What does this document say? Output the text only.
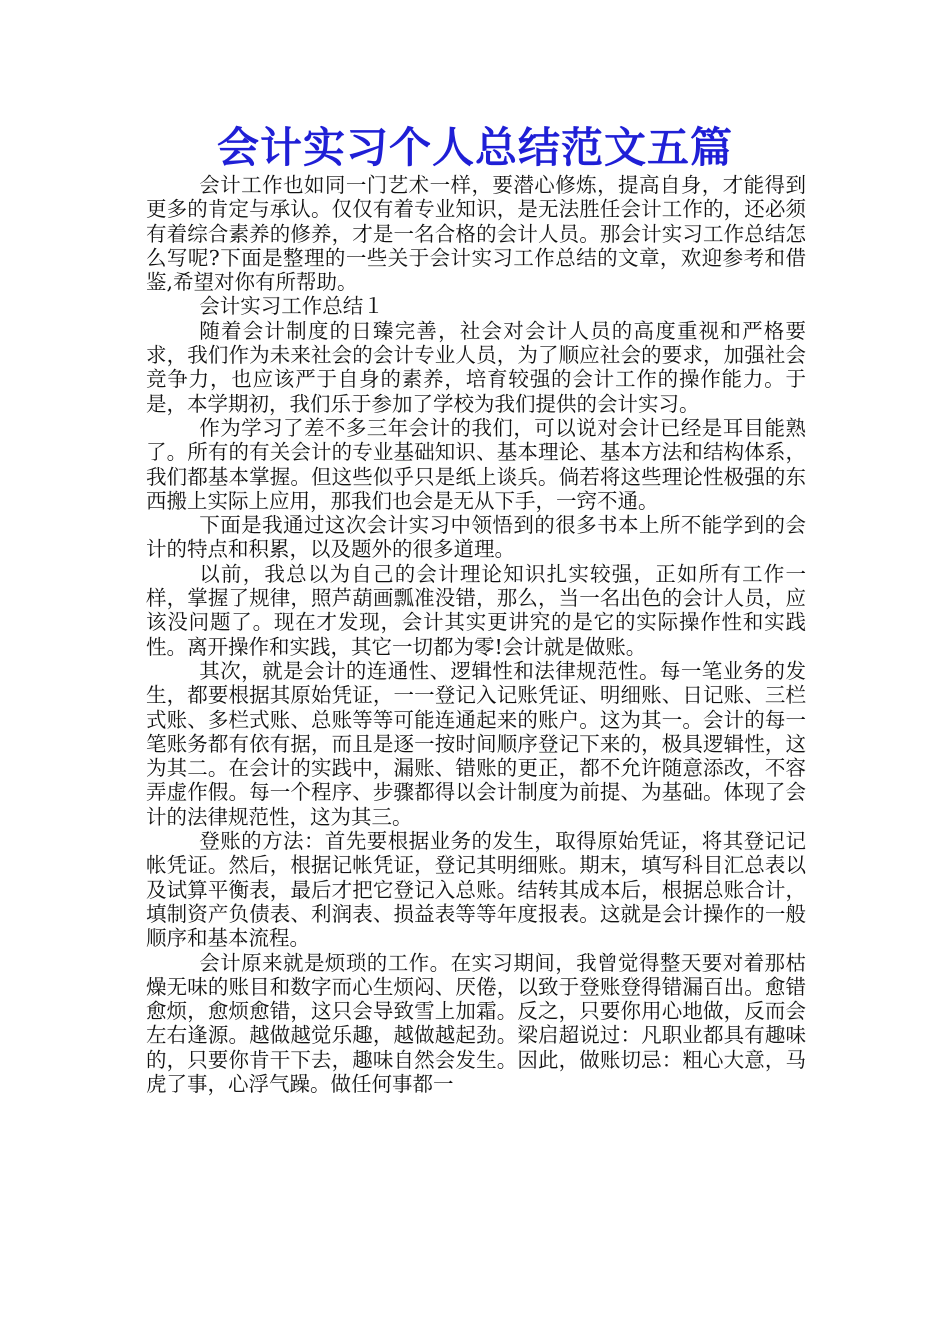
会计实习个人总结范文五篇

会计工作也如同一门艺术一样，要潜心修炼，提高自身，才能得到更多的肯定与承认。仅仅有着专业知识，是无法胜任会计工作的，还必须有着综合素养的修养，才是一名合格的会计人员。那会计实习工作总结怎么写呢?下面是整理的一些关于会计实习工作总结的文章，欢迎参考和借鉴,希望对你有所帮助。

会计实习工作总结１

随着会计制度的日臻完善，社会对会计人员的高度重视和严格要求，我们作为未来社会的会计专业人员，为了顺应社会的要求，加强社会竞争力，也应该严于自身的素养，培育较强的会计工作的操作能力。于是，本学期初，我们乐于参加了学校为我们提供的会计实习。

作为学习了差不多三年会计的我们，可以说对会计已经是耳目能熟了。所有的有关会计的专业基础知识、基本理论、基本方法和结构体系，我们都基本掌握。但这些似乎只是纸上谈兵。倘若将这些理论性极强的东西搬上实际上应用，那我们也会是无从下手，一窍不通。

下面是我通过这次会计实习中领悟到的很多书本上所不能学到的会计的特点和积累，以及题外的很多道理。

以前，我总以为自己的会计理论知识扎实较强，正如所有工作一样，掌握了规律，照芦葫画瓢准没错，那么，当一名出色的会计人员，应该没问题了。现在才发现，会计其实更讲究的是它的实际操作性和实践性。离开操作和实践，其它一切都为零!会计就是做账。

其次，就是会计的连通性、逻辑性和法律规范性。每一笔业务的发生，都要根据其原始凭证，一一登记入记账凭证、明细账、日记账、三栏式账、多栏式账、总账等等可能连通起来的账户。这为其一。会计的每一笔账务都有依有据，而且是逐一按时间顺序登记下来的，极具逻辑性，这为其二。在会计的实践中，漏账、错账的更正，都不允许随意添改，不容弄虚作假。每一个程序、步骤都得以会计制度为前提、为基础。体现了会计的法律规范性，这为其三。

登账的方法：首先要根据业务的发生，取得原始凭证，将其登记记帐凭证。然后，根据记帐凭证，登记其明细账。期末，填写科目汇总表以及试算平衡表，最后才把它登记入总账。结转其成本后，根据总账合计，填制资产负债表、利润表、损益表等等年度报表。这就是会计操作的一般顺序和基本流程。

会计原来就是烦琐的工作。在实习期间，我曾觉得整天要对着那枯燥无味的账目和数字而心生烦闷、厌倦，以致于登账登得错漏百出。愈错愈烦，愈烦愈错，这只会导致雪上加霜。反之，只要你用心地做，反而会左右逢源。越做越觉乐趣，越做越起劲。梁启超说过：凡职业都具有趣味的，只要你肯干下去，趣味自然会发生。因此，做账切忌：粗心大意，马虎了事，心浮气躁。做任何事都一
